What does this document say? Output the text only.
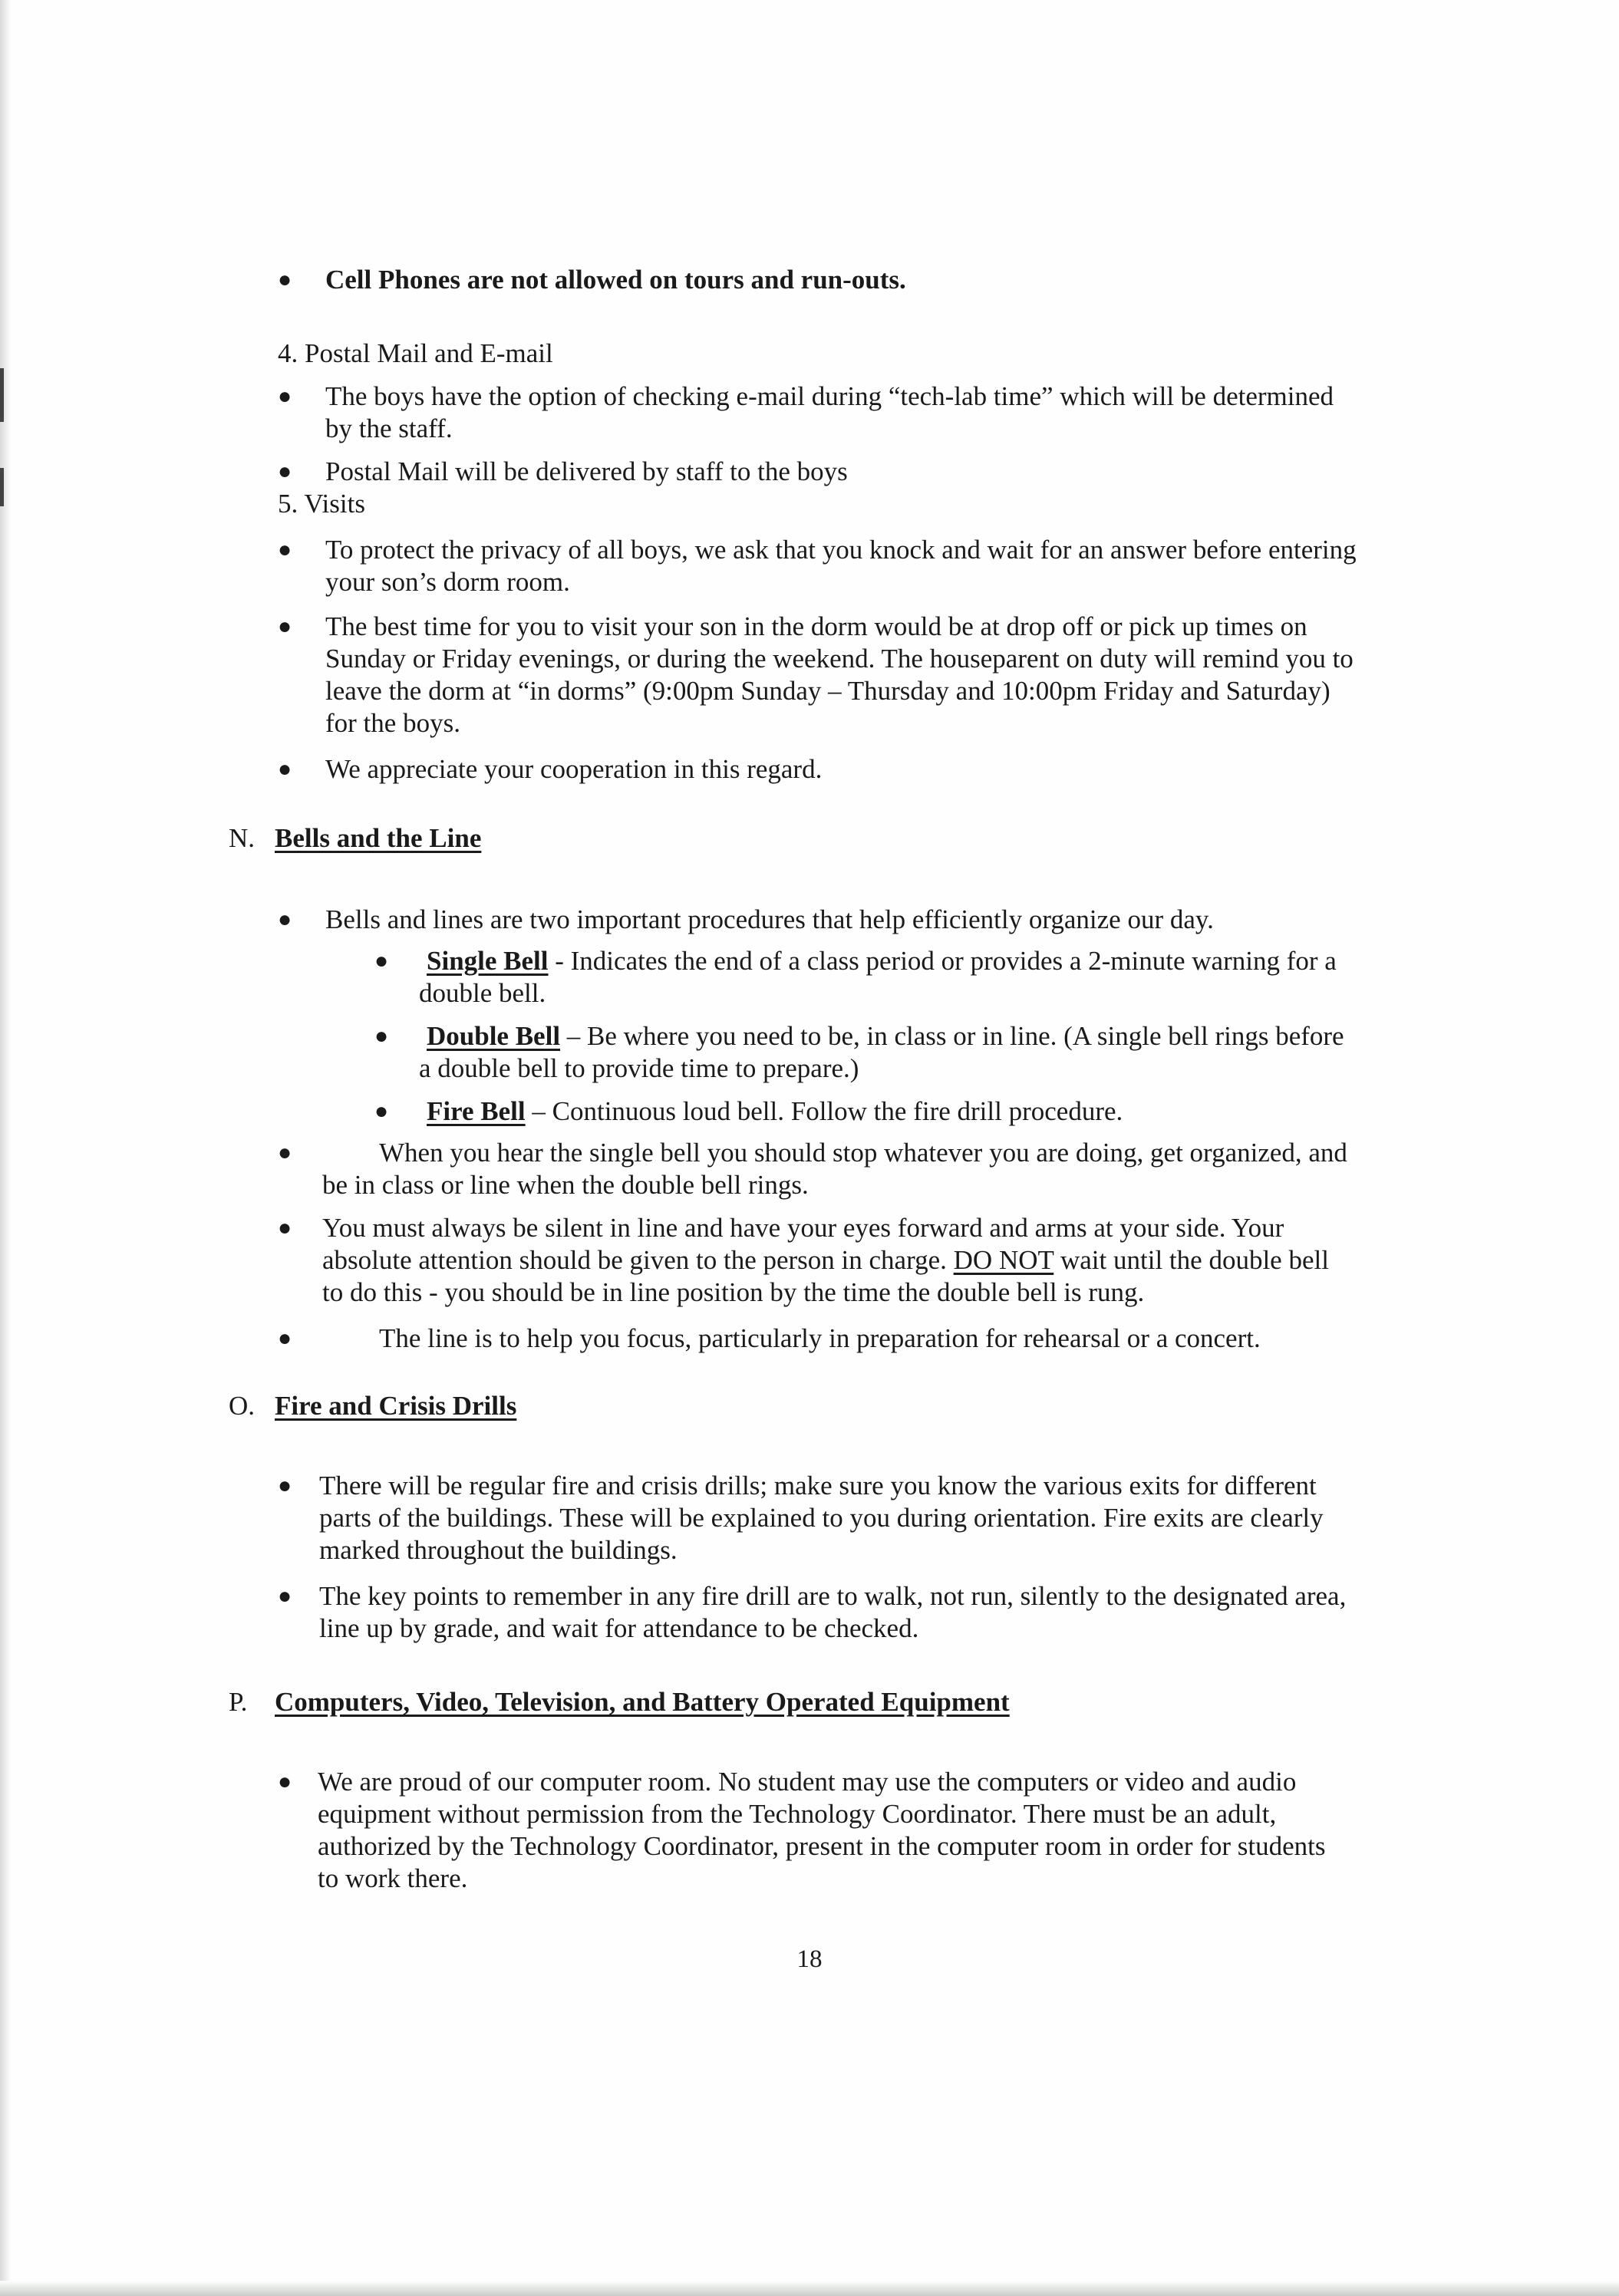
● Cell Phones are not allowed on tours and run-outs.
4. Postal Mail and E-mail
● The boys have the option of checking e-mail during “tech-lab time” which will be determined
by the staff.
● Postal Mail will be delivered by staff to the boys
5. Visits
● To protect the privacy of all boys, we ask that you knock and wait for an answer before entering
your son’s dorm room.
● The best time for you to visit your son in the dorm would be at drop off or pick up times on
Sunday or Friday evenings, or during the weekend. The houseparent on duty will remind you to
leave the dorm at “in dorms” (9:00pm Sunday – Thursday and 10:00pm Friday and Saturday)
for the boys.
● We appreciate your cooperation in this regard.
N. Bells and the Line
● Bells and lines are two important procedures that help efficiently organize our day.
● Single Bell - Indicates the end of a class period or provides a 2-minute warning for a
double bell.
● Double Bell – Be where you need to be, in class or in line. (A single bell rings before
a double bell to provide time to prepare.)
● Fire Bell – Continuous loud bell. Follow the fire drill procedure.
●	When you hear the single bell you should stop whatever you are doing, get organized, and
be in class or line when the double bell rings.
● You must always be silent in line and have your eyes forward and arms at your side. Your
absolute attention should be given to the person in charge. DO NOT wait until the double bell
to do this - you should be in line position by the time the double bell is rung.
●	The line is to help you focus, particularly in preparation for rehearsal or a concert.
O. Fire and Crisis Drills
● There will be regular fire and crisis drills; make sure you know the various exits for different
parts of the buildings. These will be explained to you during orientation. Fire exits are clearly
marked throughout the buildings.
● The key points to remember in any fire drill are to walk, not run, silently to the designated area,
line up by grade, and wait for attendance to be checked.
P. Computers, Video, Television, and Battery Operated Equipment
● We are proud of our computer room. No student may use the computers or video and audio
equipment without permission from the Technology Coordinator. There must be an adult,
authorized by the Technology Coordinator, present in the computer room in order for students
to work there.
18
